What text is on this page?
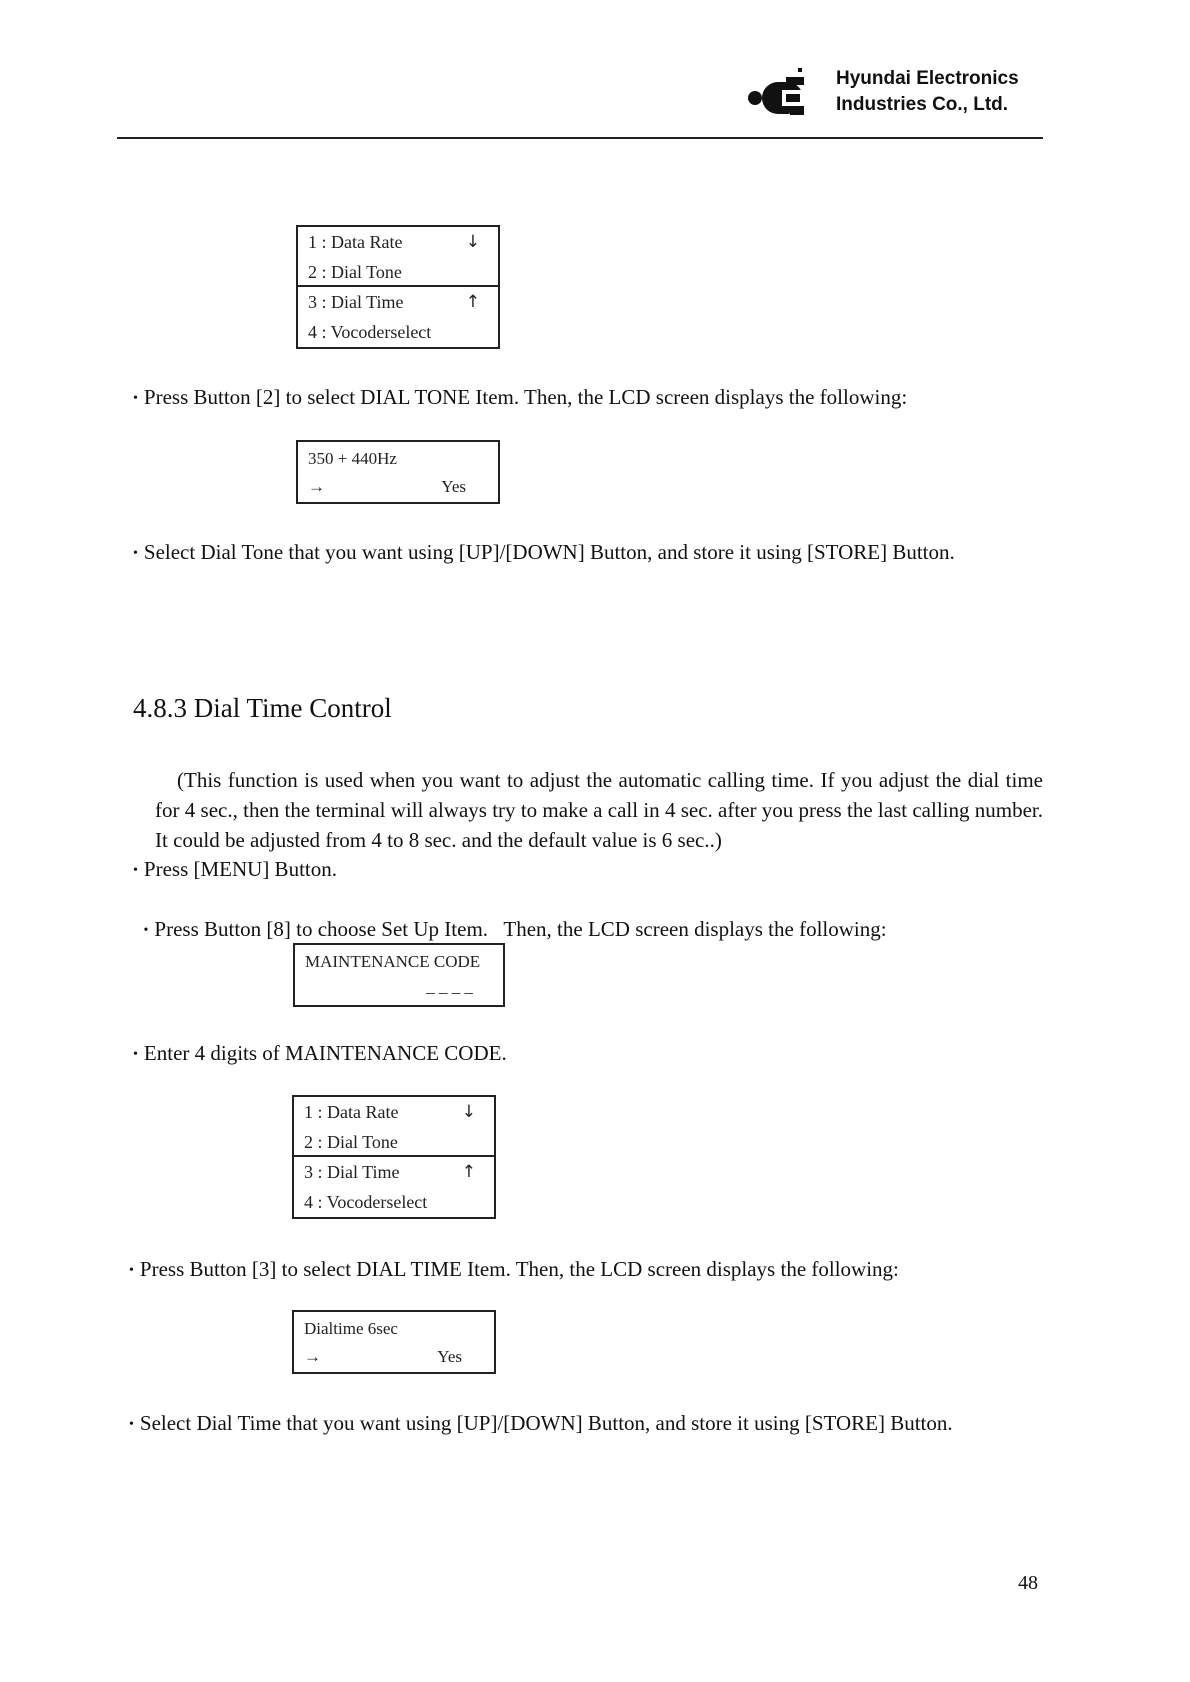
Hyundai Electronics
Industries Co., Ltd.
1 : Data Rate	↓
2 : Dial Tone
3 : Dial Time	↑
4 : Vocoderselect
• Press Button [2] to select DIAL TONE Item. Then, the LCD screen displays the following:
350 + 440Hz
→	Yes
• Select Dial Tone that you want using [UP]/[DOWN] Button, and store it using [STORE] Button.
4.8.3 Dial Time Control
(This function is used when you want to adjust the automatic calling time. If you adjust the dial time for 4 sec., then the terminal will always try to make a call in 4 sec. after you press the last calling number. It could be adjusted from 4 to 8 sec. and the default value is 6 sec..)
• Press [MENU] Button.

• Press Button [8] to choose Set Up Item.   Then, the LCD screen displays the following:

MAINTENANCE CODE
_ _ _ _
• Enter 4 digits of MAINTENANCE CODE.
1 : Data Rate	↓
2 : Dial Tone
3 : Dial Time	↑
4 : Vocoderselect
• Press Button [3] to select DIAL TIME Item. Then, the LCD screen displays the following:
Dialtime 6sec
→	Yes
• Select Dial Time that you want using [UP]/[DOWN] Button, and store it using [STORE] Button.
48
